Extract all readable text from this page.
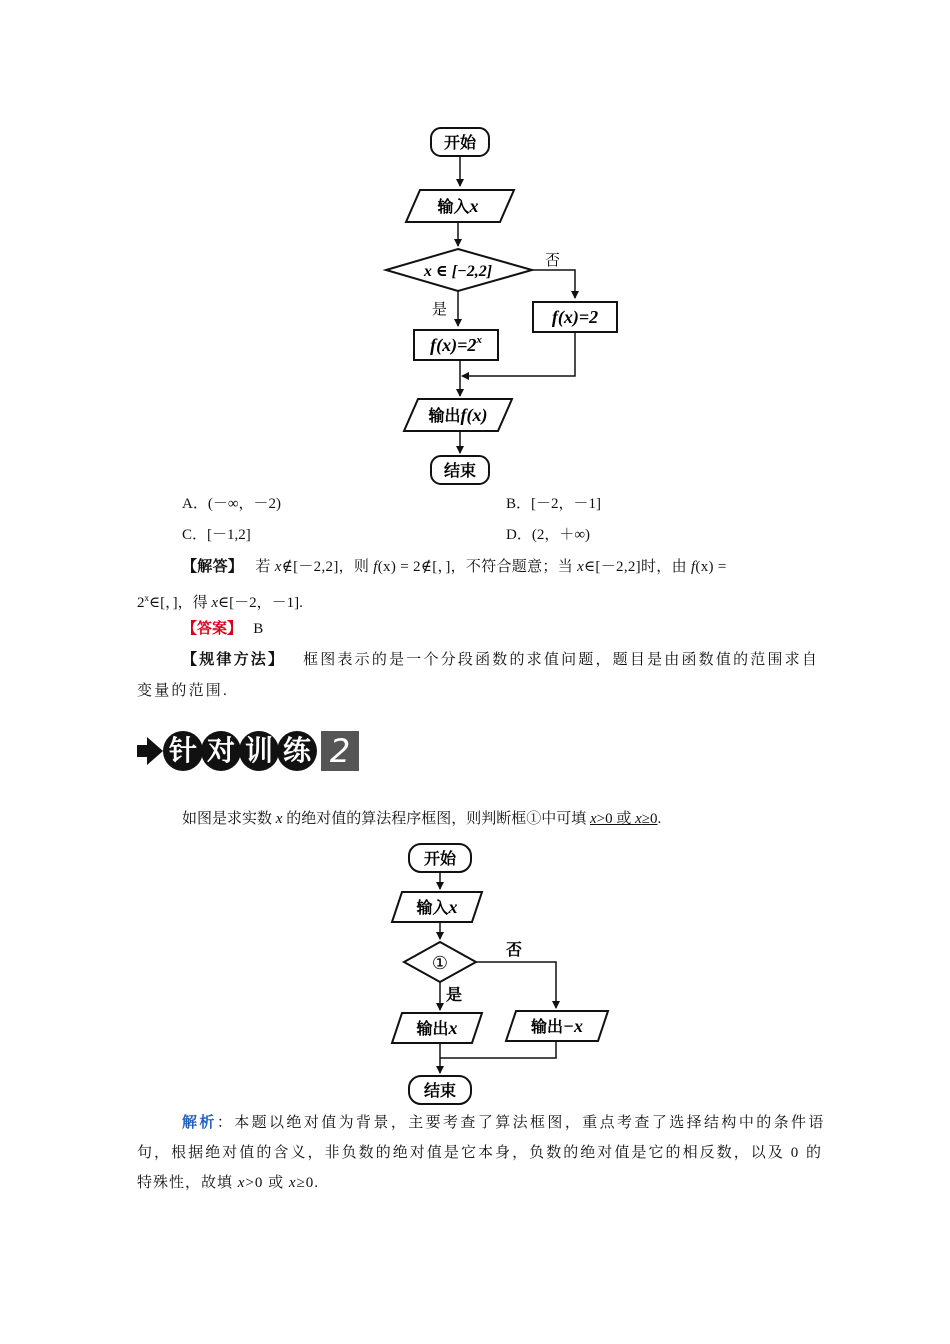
开始
输入x
x ∈ [−2,2]
否
f(x)=2
是
$f(x)=2^x$
输出f(x)
结束
A．(－∞，－2)	B．[－2，－1]
C．[－1,2]	D．(2，＋∞)
【解答】 若 x∉[－2,2]，则 f(x) = 2∉[，]，不符合题意；当 x∈[－2,2]时，由 f(x) =
$2^x\in$[，]，得 x∈[－2，－1].
【答案】 B
【规律方法】 框图表示的是一个分段函数的求值问题，题目是由函数值的范围求自
变量的范围.
针 对 训 练 2
如图是求实数 x 的绝对值的算法程序框图，则判断框①中可填 x>0 或 x≥0.
开始
输入x
①
否
是
输出x	输出−x
结束
解析：本题以绝对值为背景，主要考查了算法框图，重点考查了选择结构中的条件语
句，根据绝对值的含义，非负数的绝对值是它本身，负数的绝对值是它的相反数，以及 0 的
特殊性，故填 x>0 或 x≥0.
